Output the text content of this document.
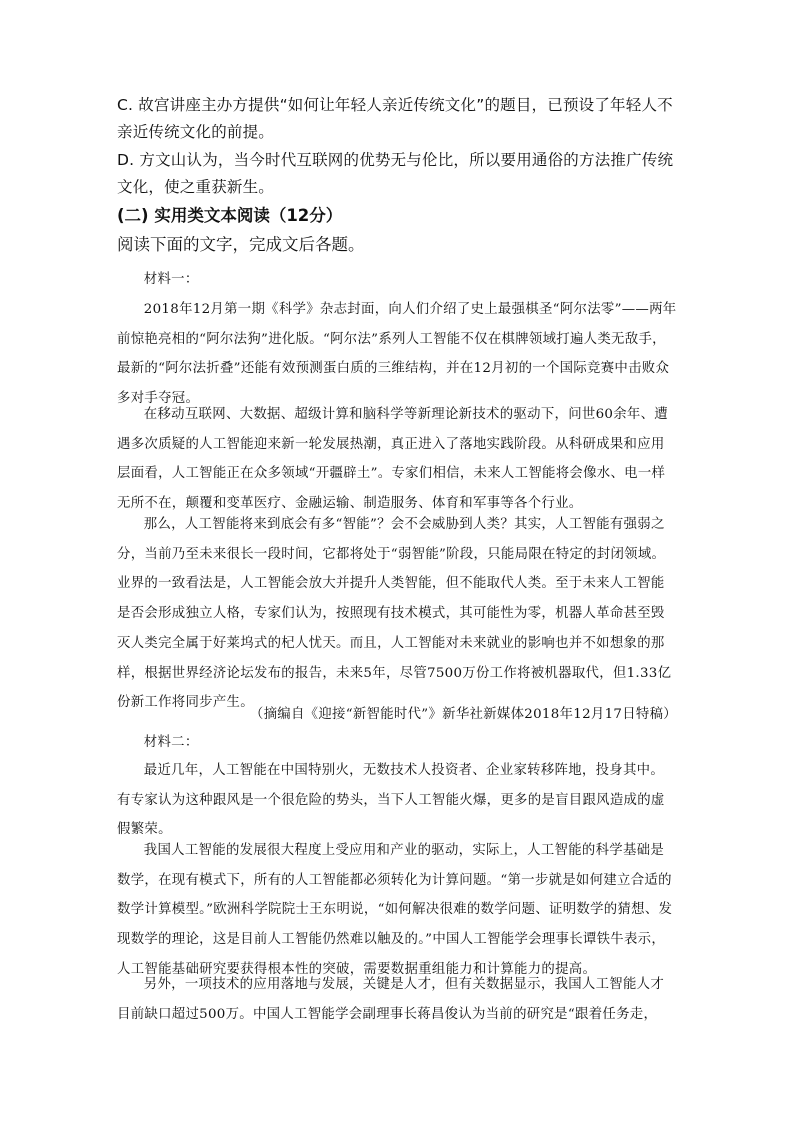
C. 故宫讲座主办方提供“如何让年轻人亲近传统文化”的题目，已预设了年轻人不亲近传统文化的前提。

D. 方文山认为，当今时代互联网的优势无与伦比，所以要用通俗的方法推广传统文化，使之重获新生。

(二) 实用类文本阅读（12分）

阅读下面的文字，完成文后各题。

材料一：

2018年12月第一期《科学》杂志封面，向人们介绍了史上最强棋圣“阿尔法零”——两年前惊艳亮相的“阿尔法狗”进化版。“阿尔法”系列人工智能不仅在棋牌领域打遍人类无敌手，最新的“阿尔法折叠”还能有效预测蛋白质的三维结构，并在12月初的一个国际竞赛中击败众多对手夺冠。

在移动互联网、大数据、超级计算和脑科学等新理论新技术的驱动下，问世60余年、遭遇多次质疑的人工智能迎来新一轮发展热潮，真正进入了落地实践阶段。从科研成果和应用层面看，人工智能正在众多领域“开疆辟土”。专家们相信，未来人工智能将会像水、电一样无所不在，颠覆和变革医疗、金融运输、制造服务、体育和军事等各个行业。

那么，人工智能将来到底会有多“智能”？会不会威胁到人类？其实，人工智能有强弱之分，当前乃至未来很长一段时间，它都将处于“弱智能”阶段，只能局限在特定的封闭领域。业界的一致看法是，人工智能会放大并提升人类智能，但不能取代人类。至于未来人工智能是否会形成独立人格，专家们认为，按照现有技术模式，其可能性为零，机器人革命甚至毁灭人类完全属于好莱坞式的杞人忧天。而且，人工智能对未来就业的影响也并不如想象的那样，根据世界经济论坛发布的报告，未来5年，尽管7500万份工作将被机器取代，但1.33亿份新工作将同步产生。

（摘编自《迎接“新智能时代”》新华社新媒体2018年12月17日特稿）

材料二：

最近几年，人工智能在中国特别火，无数技术人投资者、企业家转移阵地，投身其中。有专家认为这种跟风是一个很危险的势头，当下人工智能火爆，更多的是盲目跟风造成的虚假繁荣。

我国人工智能的发展很大程度上受应用和产业的驱动，实际上，人工智能的科学基础是数学，在现有模式下，所有的人工智能都必须转化为计算问题。“第一步就是如何建立合适的数学计算模型。”欧洲科学院院士王东明说，“如何解决很难的数学问题、证明数学的猜想、发现数学的理论，这是目前人工智能仍然难以触及的。”中国人工智能学会理事长谭铁牛表示，人工智能基础研究要获得根本性的突破，需要数据重组能力和计算能力的提高。

另外，一项技术的应用落地与发展，关键是人才，但有关数据显示，我国人工智能人才目前缺口超过500万。中国人工智能学会副理事长蒋昌俊认为当前的研究是“跟着任务走，
